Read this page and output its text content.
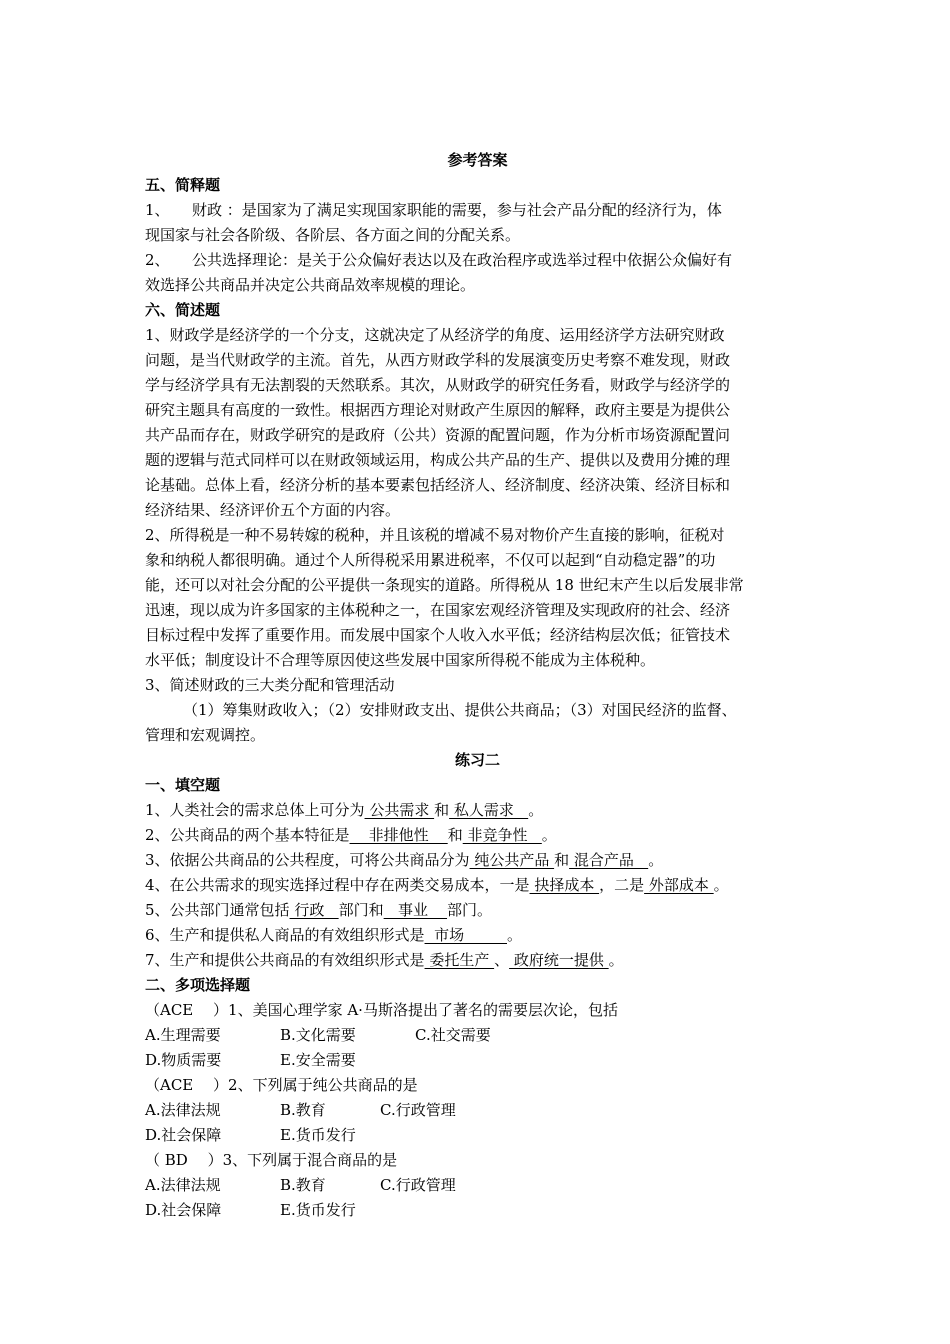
参考答案
五、简释题
1、　　财政 ：是国家为了满足实现国家职能的需要，参与社会产品分配的经济行为，体
现国家与社会各阶级、各阶层、各方面之间的分配关系。
2、　　公共选择理论：是关于公众偏好表达以及在政治程序或选举过程中依据公众偏好有
效选择公共商品并决定公共商品效率规模的理论。
六、简述题
1、财政学是经济学的一个分支，这就决定了从经济学的角度、运用经济学方法研究财政
问题，是当代财政学的主流。首先，从西方财政学科的发展演变历史考察不难发现，财政
学与经济学具有无法割裂的天然联系。其次，从财政学的研究任务看，财政学与经济学的
研究主题具有高度的一致性。根据西方理论对财政产生原因的解释，政府主要是为提供公
共产品而存在，财政学研究的是政府（公共）资源的配置问题，作为分析市场资源配置问
题的逻辑与范式同样可以在财政领域运用，构成公共产品的生产、提供以及费用分摊的理
论基础。总体上看，经济分析的基本要素包括经济人、经济制度、经济决策、经济目标和
经济结果、经济评价五个方面的内容。
2、所得税是一种不易转嫁的税种，并且该税的增减不易对物价产生直接的影响，征税对
象和纳税人都很明确。通过个人所得税采用累进税率，不仅可以起到“自动稳定器”的功
能，还可以对社会分配的公平提供一条现实的道路。所得税从 18 世纪末产生以后发展非常
迅速，现以成为许多国家的主体税种之一，在国家宏观经济管理及实现政府的社会、经济
目标过程中发挥了重要作用。而发展中国家个人收入水平低；经济结构层次低；征管技术
水平低；制度设计不合理等原因使这些发展中国家所得税不能成为主体税种。
3、简述财政的三大类分配和管理活动
（1）筹集财政收入；（2）安排财政支出、提供公共商品；（3）对国民经济的监督、
管理和宏观调控。
练习二
一、填空题
1、人类社会的需求总体上可分为 公共需求 和 私人需求   。
2、公共商品的两个基本特征是    非排他性    和 非竞争性   。
3、依据公共商品的公共程度，可将公共商品分为 纯公共产品 和 混合产品   。
4、在公共需求的现实选择过程中存在两类交易成本，一是 抉择成本 ，二是 外部成本 。
5、公共部门通常包括 行政   部门和   事业    部门。
6、生产和提供私人商品的有效组织形式是  市场         。
7、生产和提供公共商品的有效组织形式是 委托生产 、 政府统一提供 。
二、多项选择题
（ACE　 ）1、美国心理学家 A·马斯洛提出了著名的需要层次论，包括
A.生理需要	B.文化需要	C.社交需要
D.物质需要	E.安全需要
（ACE　 ）2、下列属于纯公共商品的是
A.法律法规	B.教育	C.行政管理
D.社会保障	E.货币发行
（ BD　 ）3、下列属于混合商品的是
A.法律法规	B.教育	C.行政管理
D.社会保障	E.货币发行
